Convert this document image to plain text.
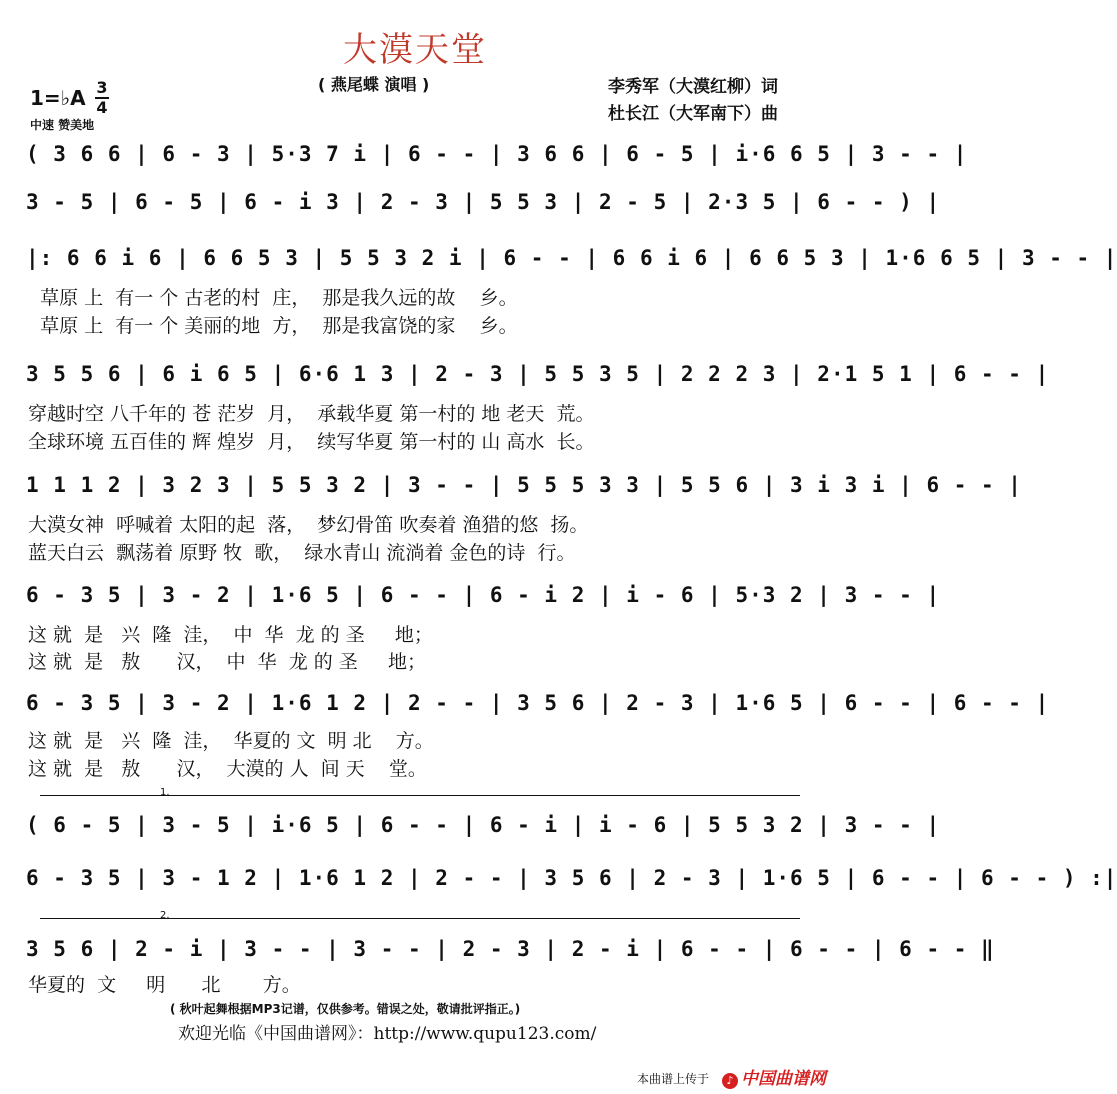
大漠天堂
( 燕尾蝶 演唱 )	李秀军（大漠红柳）词
杜长江（大军南下）曲
1=♭A 3
4
中速 赞美地
( 3 6 6 | 6 - 3 | 5·3 7 i | 6 - - | 3 6 6 | 6 - 5 | i·6 6 5 | 3 - - |
3 - 5 | 6 - 5 | 6 - i 3 | 2 - 3 | 5 5 3 | 2 - 5 | 2·3 5 | 6 - - ) |
|: 6 6 i 6 | 6 6 5 3 | 5 5 3 2 i | 6 - - | 6 6 i 6 | 6 6 5 3 | 1·6 6 5 | 3 - - |
草原 上  有一 个 古老的村  庄，  那是我久远的故    乡。
草原 上  有一 个 美丽的地  方，  那是我富饶的家    乡。
3 5 5 6 | 6 i 6 5 | 6·6 1 3 | 2 - 3 | 5 5 3 5 | 2 2 2 3 | 2·1 5 1 | 6 - - |
穿越时空 八千年的 苍 茫岁  月，  承载华夏 第一村的 地 老天  荒。
全球环境 五百佳的 辉 煌岁  月，  续写华夏 第一村的 山 高水  长。
1 1 1 2 | 3 2 3 | 5 5 3 2 | 3 - - | 5 5 5 3 3 | 5 5 6 | 3 i 3 i | 6 - - |
大漠女神  呼喊着 太阳的起  落，  梦幻骨笛 吹奏着 渔猎的悠  扬。
蓝天白云  飘荡着 原野 牧  歌，  绿水青山 流淌着 金色的诗  行。
6 - 3 5 | 3 - 2 | 1·6 5 | 6 - - | 6 - i 2 | i - 6 | 5·3 2 | 3 - - |
这 就  是   兴  隆  洼，  中  华  龙 的 圣     地；
这 就  是   敖      汉，  中  华  龙 的 圣     地；
6 - 3 5 | 3 - 2 | 1·6 1 2 | 2 - - | 3 5 6 | 2 - 3 | 1·6 5 | 6 - - | 6 - - |
这 就  是   兴  隆  洼，  华夏的 文  明 北    方。
这 就  是   敖      汉，  大漠的 人  间 天    堂。
1.
( 6 - 5 | 3 - 5 | i·6 5 | 6 - - | 6 - i | i - 6 | 5 5 3 2 | 3 - - |
6 - 3 5 | 3 - 1 2 | 1·6 1 2 | 2 - - | 3 5 6 | 2 - 3 | 1·6 5 | 6 - - | 6 - - ) :|
2.
3 5 6 | 2 - i | 3 - - | 3 - - | 2 - 3 | 2 - i | 6 - - | 6 - - | 6 - - ‖
华夏的  文     明      北       方。
( 秋叶起舞根据MP3记谱，仅供参考。错误之处，敬请批评指正。)
欢迎光临《中国曲谱网》：http://www.qupu123.com/
本曲谱上传于	♪ 中国曲谱网
